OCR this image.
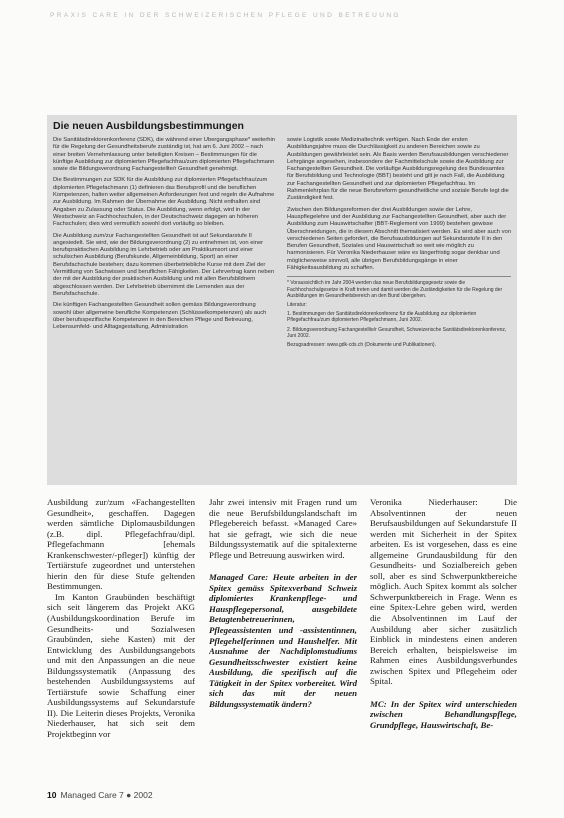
PRAXIS CARE IN DER SCHWEIZERISCHEN PFLEGE UND BETREUUNG
Die neuen Ausbildungsbestimmungen

Die Sanitätsdirektorenkonferenz (SDK), die während einer Übergangsphase* weiterhin für die Regelung der Gesundheitsberufe zuständig ist, hat am 6. Juni 2002 – nach einer breiten Vernehmlassung unter beteiligten Kreisen – Bestimmungen für die künftige Ausbildung zur diplomierten Pflegefachfrau/zum diplomierten Pflegefachmann sowie die Bildungsverordnung Fachangestellte/r Gesundheit genehmigt.

Die Bestimmungen zur SDK für die Ausbildung zur diplomierten Pflegefachfrau/zum diplomierten Pflegefachmann (1) definieren das Berufsprofil und die beruflichen Kompetenzen, halten weiter allgemeinen Anforderungen fest und regeln die Aufnahme zur Ausbildung. Im Rahmen der Übernahme der Ausbildung. Nicht enthalten sind Angaben zu Zulassung oder Status. Die Ausbildung, wenn erfolgt, wird in der Westschweiz an Fachhochschulen, in der Deutschschweiz dagegen an höheren Fachschulen; dies wird vermutlich sowohl dort vorläufig so bleiben.

Die Ausbildung zum/zur Fachangestellten Gesundheit ist auf Sekundarstufe II angesiedelt. Sie wird, wie der Bildungsverordnung (2) zu entnehmen ist, von einer berufspraktischen Ausbildung im Lehrbetrieb oder am Praktikumsort und einer schulischen Ausbildung (Berufskunde, Allgemeinbildung, Sport) an einer Berufsfachschule bestehen; dazu kommen überbetriebliche Kurse mit dem Ziel der Vermittlung von Sachwissen und beruflichen Fähigkeiten. Der Lehrvertrag kann neben der mit der Ausbildung der praktischen Ausbildung und mit allen Berufsbildnern abgeschlossen werden. Der Lehrbetrieb übernimmt die Lernenden aus der Berufsfachschule.

Die künftigen Fachangestellten Gesundheit sollen gemäss Bildungsverordnung sowohl über allgemeine berufliche Kompetenzen (Schlüsselkompetenzen) als auch über berufsspezifische Kompetenzen in den Bereichen Pflege und Betreuung, Lebensumfeld- und Alltagsgestaltung, Administration

sowie Logistik sowie Medizinaltechnik verfügen. Nach Ende der ersten Ausbildungsjahre muss die Durchlässigkeit zu anderen Bereichen sowie zu Ausbildungen gewährleistet sein. Als Basis werden Berufsausbildungen verschiedener Lehrgänge angesehen, insbesondere der Fachmittelschule sowie die Ausbildung zur Fachangestellten Gesundheit. Die vorläufige Ausbildungsregelung des Bundesamtes für Berufsbildung und Technologie (BBT) besteht und gilt je nach Fall, die Ausbildung zur Fachangestellten Gesundheit und zur diplomierten Pflegefachfrau. Im Rahmenlehrplan für die neue Berufsreform gesundheitliche und soziale Berufe legt die Zuständigkeit fest.

Zwischen den Bildungsreformen der drei Ausbildungen sowie der Lehre, Hauspflegelehre und der Ausbildung zur Fachangestellten Gesundheit, aber auch der Ausbildung zum Hauswirtschafter (BBT-Reglement von 1999) bestehen gewisse Überschneidungen, die in diesem Abschnitt thematisiert werden. Es wird aber auch von verschiedenen Seiten gefordert, die Berufsausbildungen auf Sekundarstufe II in den Berufen Gesundheit, Soziales und Hauswirtschaft so weit wie möglich zu harmonisieren. Für Veronika Niederhauser wäre es längerfristig sogar denkbar und möglicherweise sinnvoll, alle übrigen Berufsbildungsgänge in einer Fähigkeitsausbildung zu schaffen.

* Voraussichtlich im Jahr 2004 werden das neue Berufsbildungsgesetz sowie die Fachhochschulgesetze in Kraft treten und damit werden die Zuständigkeiten für die Regelung der Ausbildungen im Gesundheitsbereich an den Bund übergehen.

Literatur:

1. Bestimmungen der Sanitätsdirektorenkonferenz für die Ausbildung zur diplomierten Pflegefachfrau/zum diplomierten Pflegefachmann, Juni 2002.

2. Bildungsverordnung Fachangestellte/r Gesundheit, Schweizerische Sanitätsdirektorenkonferenz, Juni 2002.

Bezugsadressen: www.gdk-cds.ch (Dokumente und Publikationen).

Ausbildung zur/zum «Fachangestellten Gesundheit», geschaffen. Dagegen werden sämtliche Diplomausbildungen (z.B. dipl. Pflegefachfrau/dipl. Pflegefachmann [ehemals Krankenschwester/-pfleger]) künftig der Tertiärstufe zugeordnet und unterstehen hierin den für diese Stufe geltenden Bestimmungen.

Im Kanton Graubünden beschäftigt sich seit längerem das Projekt AKG (Ausbildungskoordination Berufe im Gesundheits- und Sozialwesen Graubünden, siehe Kasten) mit der Entwicklung des Ausbildungsangebots und mit den Anpassungen an die neue Bildungssystematik (Anpassung des bestehenden Ausbildungssystems auf Tertiärstufe sowie Schaffung einer Ausbildungssystems auf Sekundarstufe II). Die Leiterin dieses Projekts, Veronika Niederhauser, hat sich seit dem Projektbeginn vor

Jahr zwei intensiv mit Fragen rund um die neue Berufsbildungslandschaft im Pflegebereich befasst. «Managed Care» hat sie gefragt, wie sich die neue Bildungssystematik auf die spitalexterne Pflege und Betreuung auswirken wird.

Managed Care: Heute arbeiten in der Spitex gemäss Spitexverband Schweiz diplomiertes Krankenpflege- und Hauspflegepersonal, ausgebildete Betagtenbetreuerinnen, Pflegeassistenten und -assistentinnen, Pflegehelferinnen und Haushelfer. Mit Ausnahme der Nachdiplomstudiums Gesundheitsschwester existiert keine Ausbildung, die spezifisch auf die Tätigkeit in der Spitex vorbereitet. Wird sich das mit der neuen Bildungssystematik ändern?

Veronika Niederhauser: Die Absolventinnen der neuen Berufsausbildungen auf Sekundarstufe II werden mit Sicherheit in der Spitex arbeiten. Es ist vorgesehen, dass es eine allgemeine Grundausbildung für den Gesundheits- und Sozialbereich geben soll, aber es sind Schwerpunktbereiche möglich. Auch Spitex kommt als solcher Schwerpunktbereich in Frage. Wenn es eine Spitex-Lehre geben wird, werden die Absolventinnen im Lauf der Ausbildung aber sicher zusätzlich Einblick in mindestens einen anderen Bereich erhalten, beispielsweise im Rahmen eines Ausbildungsverbundes zwischen Spitex und Pflegeheim oder Spital.

MC: In der Spitex wird unterschieden zwischen Behandlungspflege, Grundpflege, Hauswirtschaft, Be-

10 Managed Care 7 ● 2002
